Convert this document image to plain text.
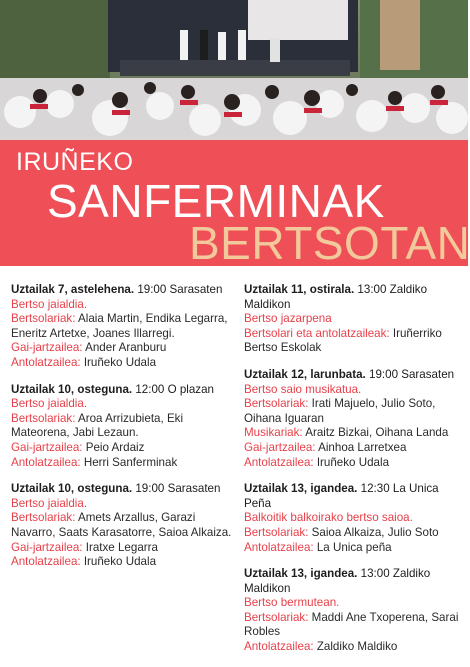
IRUÑEKO
SANFERMINAK
BERTSOTAN
Uztailak 7, astelehena. 19:00 Sarasaten
Bertso jaialdia.
Bertsolariak: Alaia Martin, Endika Legarra, Eneritz Artetxe, Joanes Illarregi.
Gai-jartzailea: Ander Aranburu
Antolatzailea: Iruñeko Udala
Uztailak 10, osteguna. 12:00 O plazan
Bertso jaialdia.
Bertsolariak: Aroa Arrizubieta, Eki Mateorena, Jabi Lezaun.
Gai-jartzailea: Peio Ardaiz
Antolatzailea: Herri Sanferminak
Uztailak 10, osteguna. 19:00 Sarasaten
Bertso jaialdia.
Bertsolariak: Amets Arzallus, Garazi Navarro, Saats Karasatorre, Saioa Alkaiza.
Gai-jartzailea: Iratxe Legarra
Antolatzailea: Iruñeko Udala
Uztailak 11, ostirala. 13:00 Zaldiko Maldikon
Bertso jazarpena
Bertsolari eta antolatzaileak: Iruñerriko Bertso Eskolak
Uztailak 12, larunbata. 19:00 Sarasaten
Bertso saio musikatua.
Bertsolariak: Irati Majuelo, Julio Soto, Oihana Iguaran
Musikariak: Araitz Bizkai, Oihana Landa
Gai-jartzailea: Ainhoa Larretxea
Antolatzailea: Iruñeko Udala
Uztailak 13, igandea. 12:30 La Unica Peña
Balkoitik balkoirako bertso saioa.
Bertsolariak: Saioa Alkaiza, Julio Soto
Antolatzailea: La Unica peña
Uztailak 13, igandea. 13:00 Zaldiko Maldikon
Bertso bermutean.
Bertsolariak: Maddi Ane Txoperena, Sarai Robles
Antolatzailea: Zaldiko Maldiko
